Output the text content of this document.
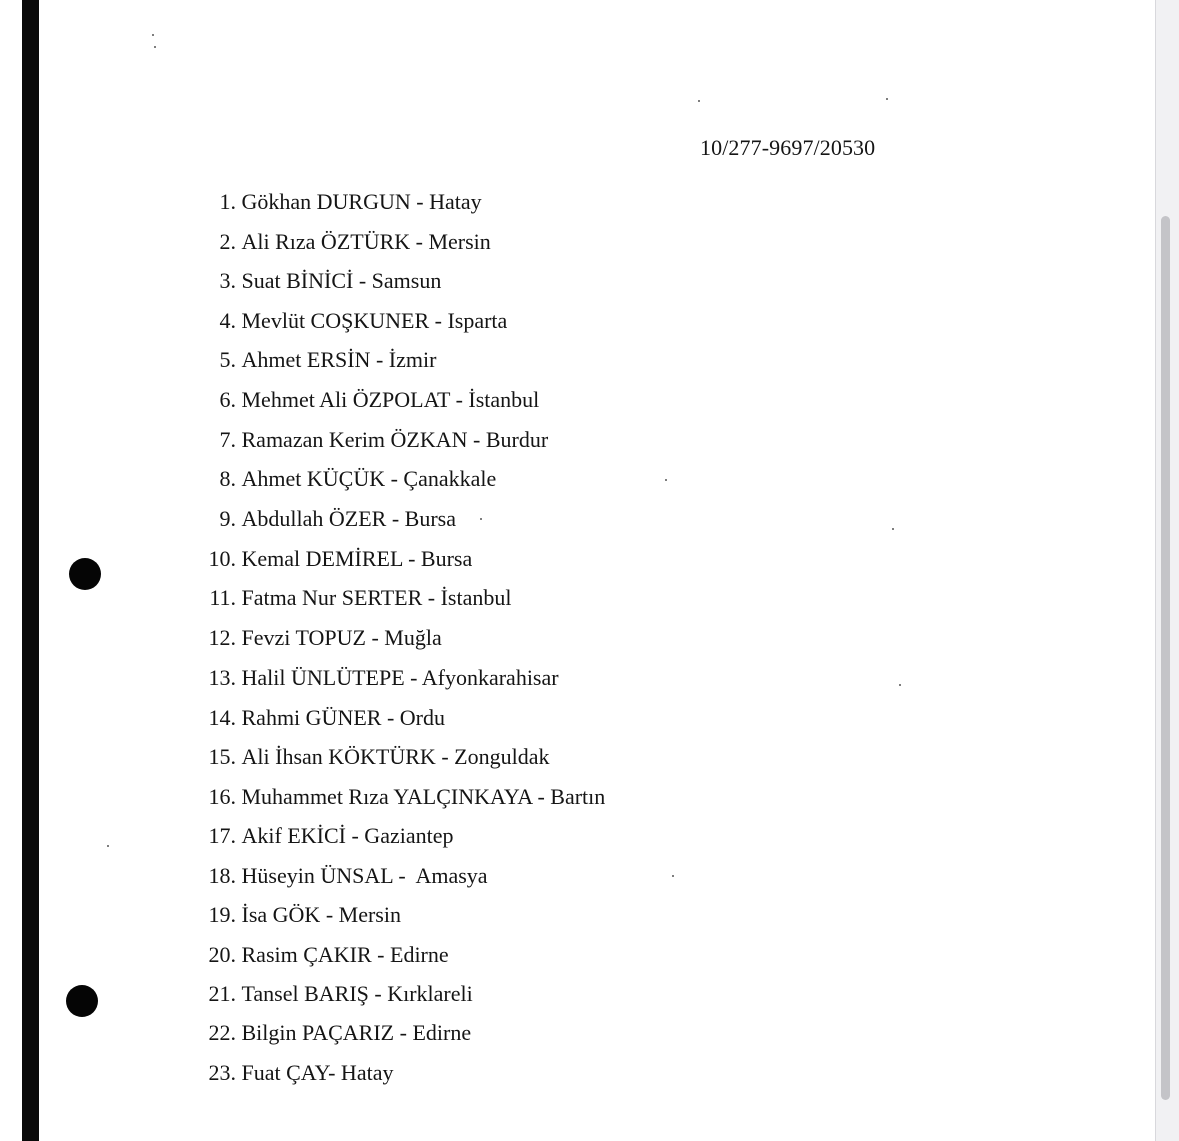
10/277-9697/20530
1. Gökhan DURGUN - Hatay
2. Ali Rıza ÖZTÜRK - Mersin
3. Suat BİNİCİ - Samsun
4. Mevlüt COŞKUNER - Isparta
5. Ahmet ERSİN - İzmir
6. Mehmet Ali ÖZPOLAT - İstanbul
7. Ramazan Kerim ÖZKAN - Burdur
8. Ahmet KÜÇÜK - Çanakkale
9. Abdullah ÖZER - Bursa
10. Kemal DEMİREL - Bursa
11. Fatma Nur SERTER - İstanbul
12. Fevzi TOPUZ - Muğla
13. Halil ÜNLÜTEPE - Afyonkarahisar
14. Rahmi GÜNER - Ordu
15. Ali İhsan KÖKTÜRK - Zonguldak
16. Muhammet Rıza YALÇINKAYA - Bartın
17. Akif EKİCİ - Gaziantep
18. Hüseyin ÜNSAL -  Amasya
19. İsa GÖK - Mersin
20. Rasim ÇAKIR - Edirne
21. Tansel BARIŞ - Kırklareli
22. Bilgin PAÇARIZ - Edirne
23. Fuat ÇAY- Hatay
